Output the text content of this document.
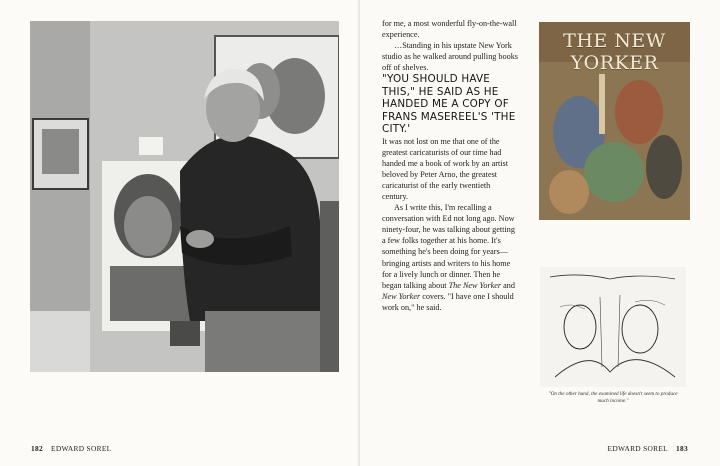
182 EDWARD SOREL

for me, a most wonderful fly-on-the-wall experience.

…Standing in his upstate New York studio as he walked around pulling books off of shelves.

"YOU SHOULD HAVE THIS," HE SAID AS HE HANDED ME A COPY OF FRANS MASEREEL'S 'THE CITY.'

It was not lost on me that one of the greatest caricaturists of our time had handed me a book of work by an artist beloved by Peter Arno, the greatest caricaturist of the early twentieth century.

As I write this, I'm recalling a conversation with Ed not long ago. Now ninety-four, he was talking about getting a few folks together at his home. It's something he's been doing for years—bringing artists and writers to his home for a lively lunch or dinner. Then he began talking about The New Yorker and New Yorker covers. "I have one I should work on," he said.

THE NEW YORKER
"On the other hand, the examined life doesn't seem to produce much income."
EDWARD SOREL 183
